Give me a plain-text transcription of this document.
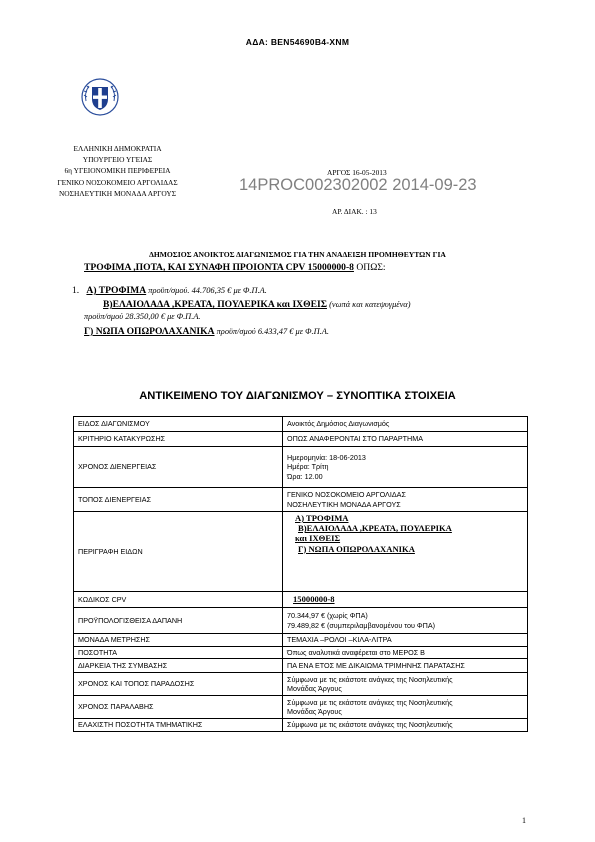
ΑΔΑ: ΒΕΝ54690Β4-ΧΝΜ
ΕΛΛΗΝΙΚΗ ΔΗΜΟΚΡΑΤΙΑ
ΥΠΟΥΡΓΕΙΟ ΥΓΕΙΑΣ
6η ΥΓΕΙΟΝΟΜΙΚΗ ΠΕΡΙΦΕΡΕΙΑ
ΓΕΝΙΚΟ ΝΟΣΟΚΟΜΕΙΟ ΑΡΓΟΛΙΔΑΣ
ΝΟΣΗΛΕΥΤΙΚΗ ΜΟΝΑΔΑ ΑΡΓΟΥΣ
ΑΡΓΟΣ 16-05-2013
14PROC002302002 2014-09-23
ΑΡ. ΔΙΑΚ. : 13
ΔΗΜΟΣΙΟΣ ΑΝΟΙΚΤΟΣ ΔΙΑΓΩΝΙΣΜΟΣ ΓΙΑ ΤΗΝ ΑΝΑΔΕΙΞΗ ΠΡΟΜΗΘΕΥΤΩΝ ΓΙΑ
ΤΡΟΦΙΜΑ ,ΠΟΤΑ, ΚΑΙ ΣΥΝΑΦΗ ΠΡΟΙΟΝΤΑ CPV 15000000-8 ΟΠΩΣ:
1. Α) ΤΡΟΦΙΜΑ προϋπ/σμού. 44.706,35 € με Φ.Π.Α.
Β)ΕΛΑΙΟΛΑΔΑ ,ΚΡΕΑΤΑ, ΠΟΥΛΕΡΙΚΑ και ΙΧΘΕΙΣ (νωπά και κατεψυγμένα)
προϋπ/σμού 28.350,00 € με Φ.Π.Α.
Γ) ΝΩΠΑ ΟΠΩΡΟΛΑΧΑΝΙΚΑ προϋπ/σμού 6.433,47 € με Φ.Π.Α.
ΑΝΤΙΚΕΙΜΕΝΟ ΤΟΥ ΔΙΑΓΩΝΙΣΜΟΥ – ΣΥΝΟΠΤΙΚΑ ΣΤΟΙΧΕΙΑ
ΕΙΔΟΣ ΔΙΑΓΩΝΙΣΜΟΥ	Ανοικτός Δημόσιος Διαγωνισμός
ΚΡΙΤΗΡΙΟ ΚΑΤΑΚΥΡΩΣΗΣ	ΟΠΩΣ ΑΝΑΦΕΡΟΝΤΑΙ ΣΤΟ ΠΑΡΑΡΤΗΜΑ
ΧΡΟΝΟΣ ΔΙΕΝΕΡΓΕΙΑΣ	Ημερομηνία: 18-06-2013
Ημέρα: Τρίτη
Ώρα: 12.00

ΤΟΠΟΣ ΔΙΕΝΕΡΓΕΙΑΣ	ΓΕΝΙΚΟ ΝΟΣΟΚΟΜΕΙΟ ΑΡΓΟΛΙΔΑΣ
ΝΟΣΗΛΕΥΤΙΚΗ ΜΟΝΑΔΑ ΑΡΓΟΥΣ

ΠΕΡΙΓΡΑΦΗ ΕΙΔΩΝ	Α) ΤΡΟΦΙΜΑ
Β)ΕΛΑΙΟΛΑΔΑ ,ΚΡΕΑΤΑ, ΠΟΥΛΕΡΙΚΑ
και ΙΧΘΕΙΣ
Γ) ΝΩΠΑ ΟΠΩΡΟΛΑΧΑΝΙΚΑ

ΚΩΔΙΚΟΣ CPV	15000000-8
ΠΡΟΫΠΟΛΟΓΙΣΘΕΙΣΑ ΔΑΠΑΝΗ	70.344,97 € (χωρίς ΦΠΑ)
79.489,82 € (συμπεριλαμβανομένου του ΦΠΑ)

ΜΟΝΑΔΑ ΜΕΤΡΗΣΗΣ	ΤΕΜΑΧΙΑ –ΡΟΛΟΙ –ΚΙΛΑ-ΛΙΤΡΑ
ΠΟΣΟΤΗΤΑ	Όπως αναλυτικά αναφέρεται στο ΜΕΡΟΣ Β
ΔΙΑΡΚΕΙΑ ΤΗΣ ΣΥΜΒΑΣΗΣ	ΠΑ ΕΝΑ ΕΤΟΣ ΜΕ ΔΙΚΑΙΩΜΑ ΤΡΙΜΗΝΗΣ ΠΑΡΑΤΑΣΗΣ
ΧΡΟΝΟΣ ΚΑΙ ΤΟΠΟΣ ΠΑΡΑΔΟΣΗΣ	Σύμφωνα με τις εκάστοτε ανάγκες της Νοσηλευτικής
Μονάδας Άργους

ΧΡΟΝΟΣ ΠΑΡΑΛΑΒΗΣ	Σύμφωνα με τις εκάστοτε ανάγκες της Νοσηλευτικής
Μονάδας Άργους

ΕΛΑΧΙΣΤΗ ΠΟΣΟΤΗΤΑ ΤΜΗΜΑΤΙΚΗΣ	Σύμφωνα με τις εκάστοτε ανάγκες της Νοσηλευτικής
1
